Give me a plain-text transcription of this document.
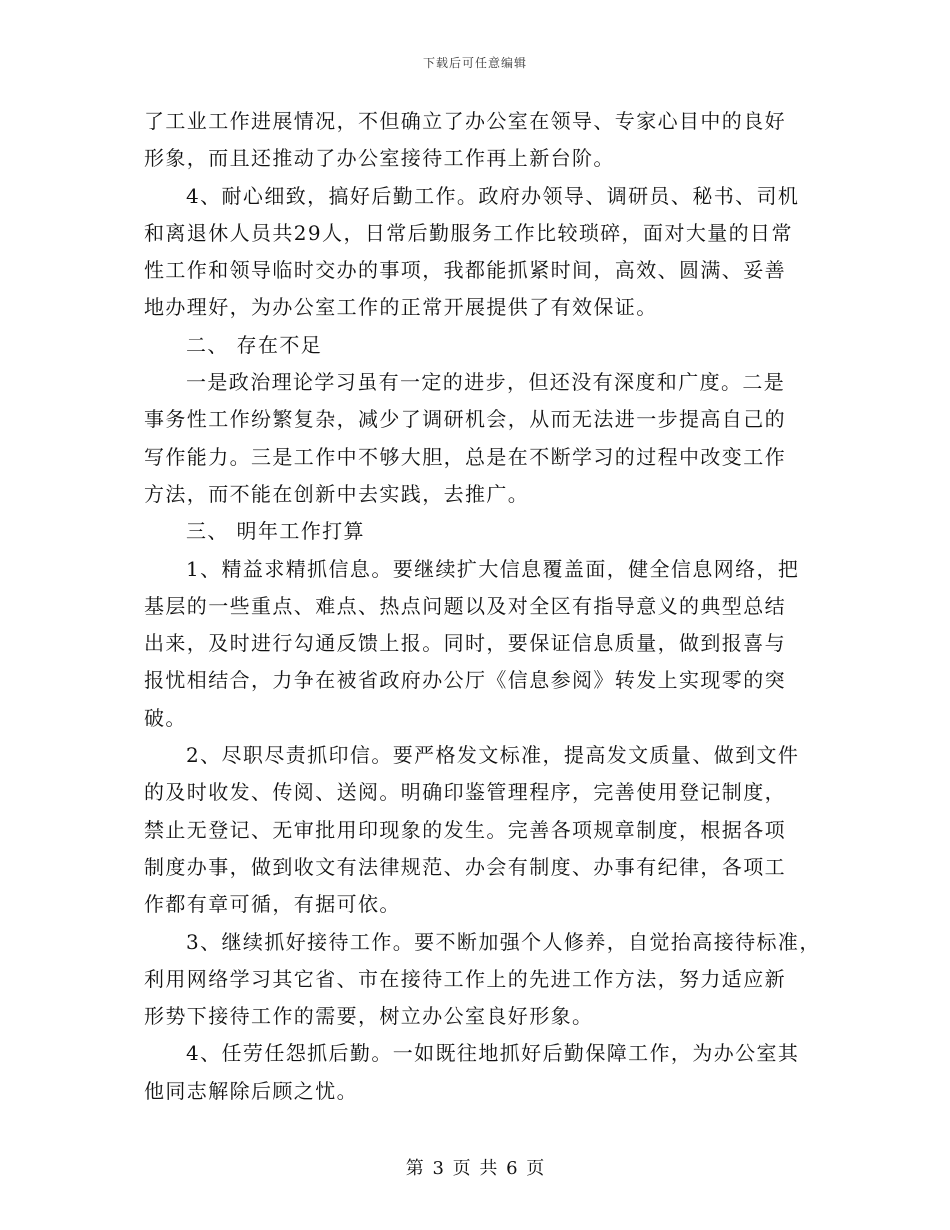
下载后可任意编辑
了工业工作进展情况，不但确立了办公室在领导、专家心目中的良好
形象，而且还推动了办公室接待工作再上新台阶。
4、耐心细致，搞好后勤工作。政府办领导、调研员、秘书、司机
和离退休人员共29人，日常后勤服务工作比较琐碎，面对大量的日常
性工作和领导临时交办的事项，我都能抓紧时间，高效、圆满、妥善
地办理好，为办公室工作的正常开展提供了有效保证。
二、 存在不足
一是政治理论学习虽有一定的进步，但还没有深度和广度。二是
事务性工作纷繁复杂，减少了调研机会，从而无法进一步提高自己的
写作能力。三是工作中不够大胆，总是在不断学习的过程中改变工作
方法，而不能在创新中去实践，去推广。
三、 明年工作打算
1、精益求精抓信息。要继续扩大信息覆盖面，健全信息网络，把
基层的一些重点、难点、热点问题以及对全区有指导意义的典型总结
出来，及时进行勾通反馈上报。同时，要保证信息质量，做到报喜与
报忧相结合，力争在被省政府办公厅《信息参阅》转发上实现零的突
破。
2、尽职尽责抓印信。要严格发文标准，提高发文质量、做到文件
的及时收发、传阅、送阅。明确印鉴管理程序，完善使用登记制度，
禁止无登记、无审批用印现象的发生。完善各项规章制度，根据各项
制度办事，做到收文有法律规范、办会有制度、办事有纪律，各项工
作都有章可循，有据可依。
3、继续抓好接待工作。要不断加强个人修养，自觉抬高接待标准，
利用网络学习其它省、市在接待工作上的先进工作方法，努力适应新
形势下接待工作的需要，树立办公室良好形象。
4、任劳任怨抓后勤。一如既往地抓好后勤保障工作，为办公室其
他同志解除后顾之忧。
第 3 页 共 6 页
